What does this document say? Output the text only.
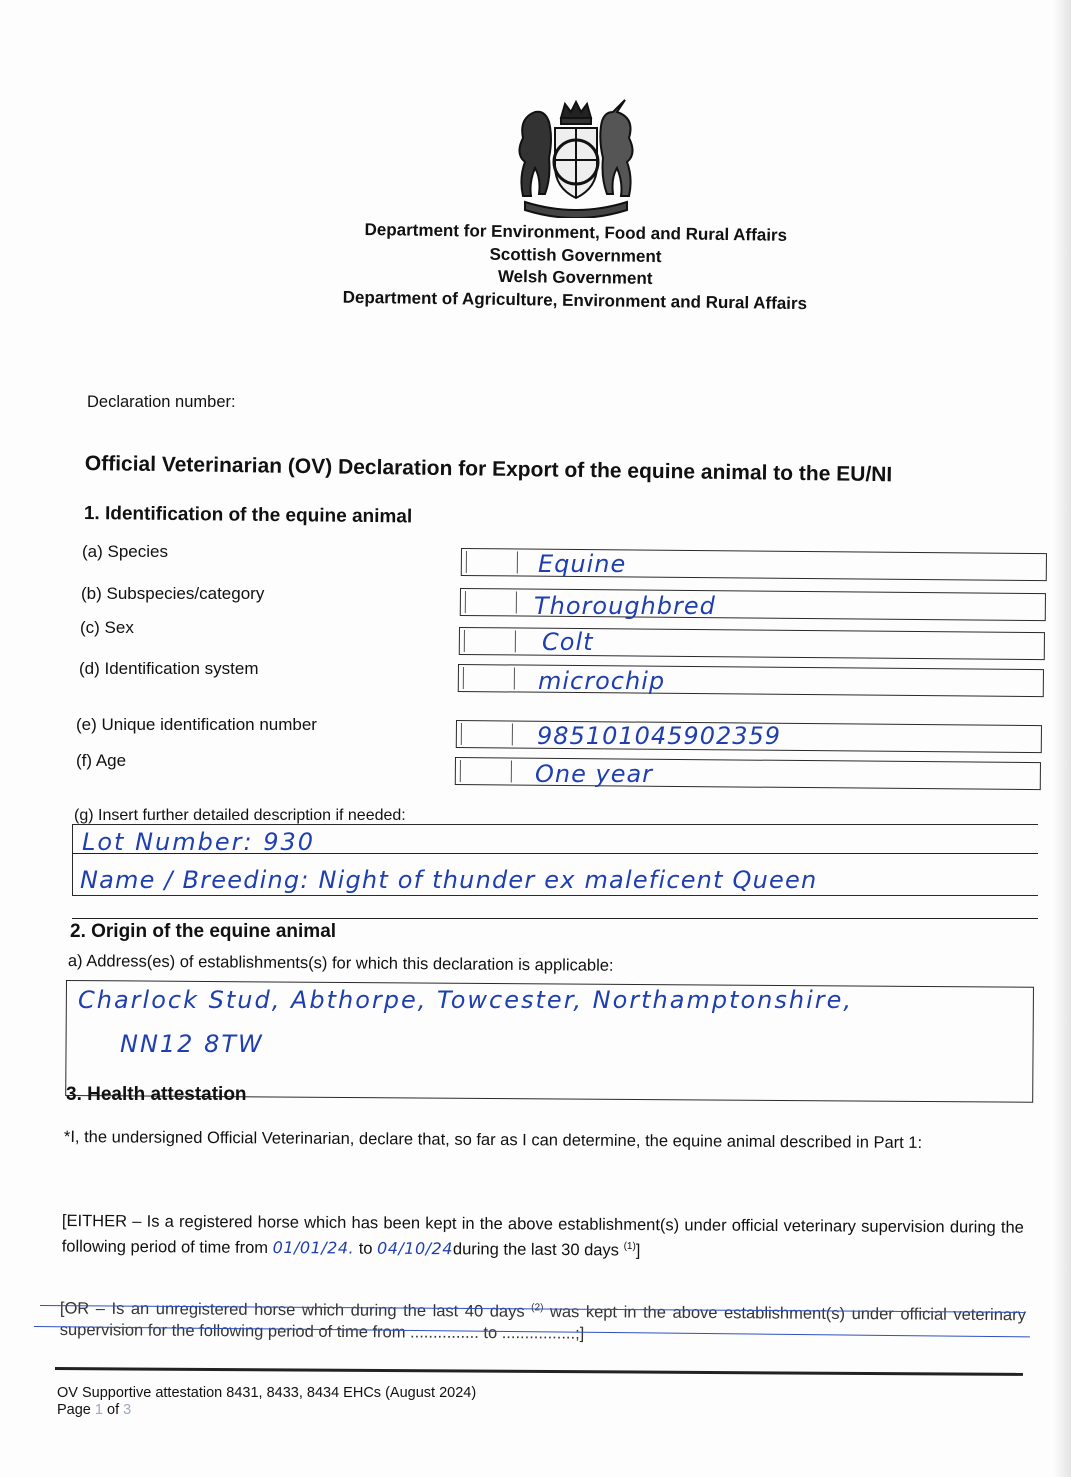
Department for Environment, Food and Rural Affairs
Scottish Government
Welsh Government
Department of Agriculture, Environment and Rural Affairs
Declaration number:
Official Veterinarian (OV) Declaration for Export of the equine animal to the EU/NI
1. Identification of the equine animal
(a) Species
(b) Subspecies/category
(c) Sex
(d) Identification system
(e) Unique identification number
(f) Age
Equine
Thoroughbred
Colt
microchip
985101045902359
One year
(g) Insert further detailed description if needed:
Lot Number: 930
Name / Breeding: Night of thunder ex maleficent Queen
2. Origin of the equine animal
a) Address(es) of establishments(s) for which this declaration is applicable:
Charlock Stud, Abthorpe, Towcester, Northamptonshire,
NN12 8TW
3. Health attestation
*I, the undersigned Official Veterinarian, declare that, so far as I can determine, the equine animal described in Part 1:
[EITHER – Is a registered horse which has been kept in the above establishment(s) under official veterinary supervision during the following period of time from 01/01/24. to 04/10/24during the last 30 days $^{(1)}$]
[OR – Is an unregistered horse which during the last 40 days $^{(2)}$ was kept in the above establishment(s) under official veterinary supervision for the following period of time from ............... to ................;]
OV Supportive attestation 8431, 8433, 8434 EHCs (August 2024)
Page 1 of 3
